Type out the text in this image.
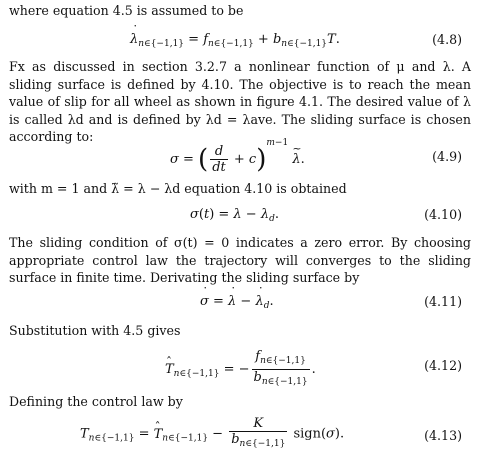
where equation 4.5 is assumed to be
˙ $\lambda_{n\in\{-1,1\}} = f_{n\in\{-1,1\}} + b_{n\in\{-1,1\}}T$.	(4.8)
Fx as discussed in section 3.2.7 a nonlinear function of μ and λ. A sliding surface is defined by 4.10. The objective is to reach the mean value of slip for all wheel as shown in figure 4.1. The desired value of λ is called λd and is defined by λd = λave. The sliding surface is chosen according to:
σ = ( $\frac{d}{dt} + c)^{m-1}$ ~ λ.	(4.9)
with m = 1 and λ̃ = λ − λd equation 4.10 is obtained
$\sigma(t) = \lambda - \lambda_d$.	(4.10)
The sliding condition of σ(t) = 0 indicates a zero error. By choosing appropriate control law the trajectory will converges to the sliding surface in finite time. Derivating the sliding surface by
˙ σ = ˙ λ − ˙ $\lambda_d$.	(4.11)
Substitution with 4.5 gives
ˆ $T_{n\in\{-1,1\}}$ = − $\frac{f_{n\in\{-1,1\}}}{b_{n\in\{-1,1\}}}$ .	(4.12)
Defining the control law by
$T_{n\in\{-1,1\}}$ = ˆ $T_{n\in\{-1,1\}} - \frac{K}{b_{n\in\{-1,1\}}}$ sign(σ).	(4.13)
